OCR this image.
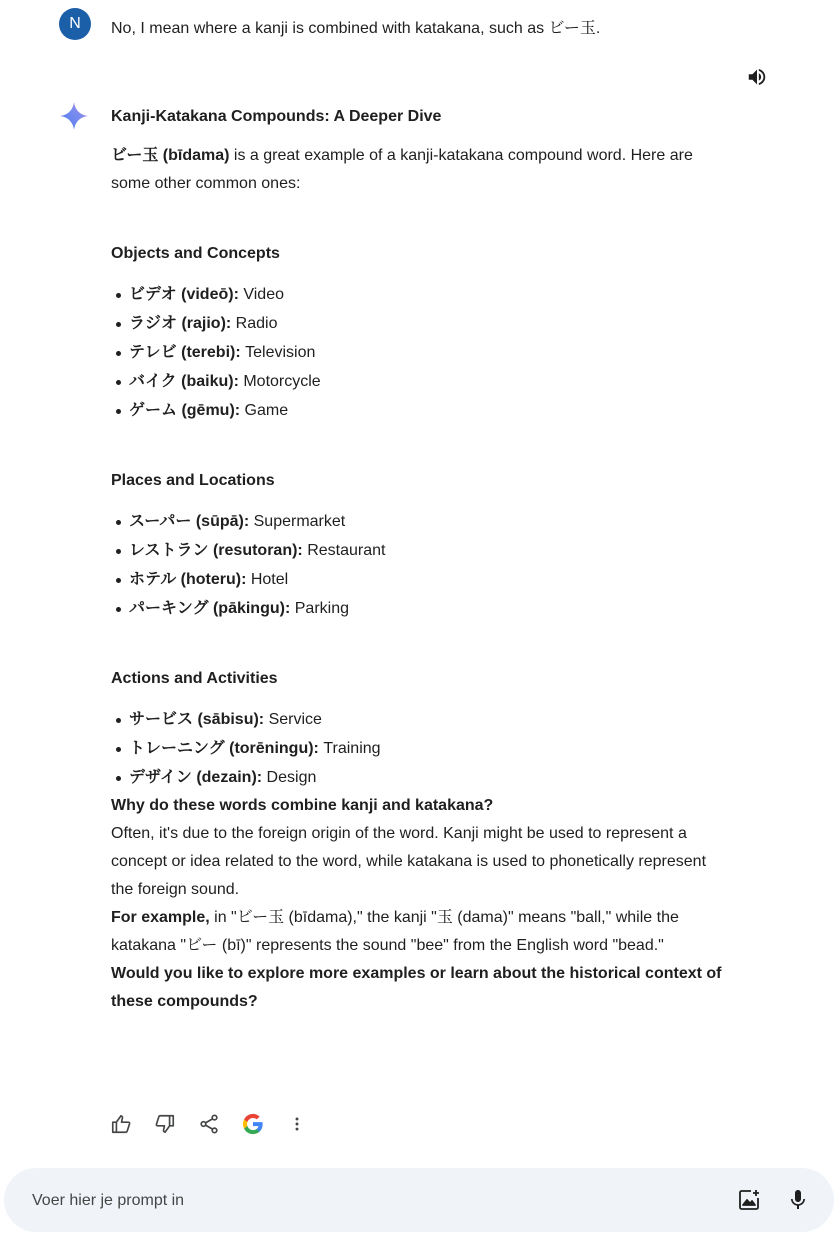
N	No, I mean where a kanji is combined with katakana, such as ビー玉.
Kanji-Katakana Compounds: A Deeper Dive

ビー玉 (bīdama) is a great example of a kanji-katakana compound word. Here are some other common ones:

Objects and Concepts

ビデオ (videō): Video
ラジオ (rajio): Radio
テレビ (terebi): Television
バイク (baiku): Motorcycle
ゲーム (gēmu): Game

Places and Locations

スーパー (sūpā): Supermarket
レストラン (resutoran): Restaurant
ホテル (hoteru): Hotel
パーキング (pākingu): Parking

Actions and Activities

サービス (sābisu): Service
トレーニング (torēningu): Training
デザイン (dezain): Design

Why do these words combine kanji and katakana?

Often, it's due to the foreign origin of the word. Kanji might be used to represent a concept or idea related to the word, while katakana is used to phonetically represent the foreign sound.

For example, in "ビー玉 (bīdama)," the kanji "玉 (dama)" means "ball," while the katakana "ビー (bī)" represents the sound "bee" from the English word "bead."

Would you like to explore more examples or learn about the historical context of these compounds?

Voer hier je prompt in
